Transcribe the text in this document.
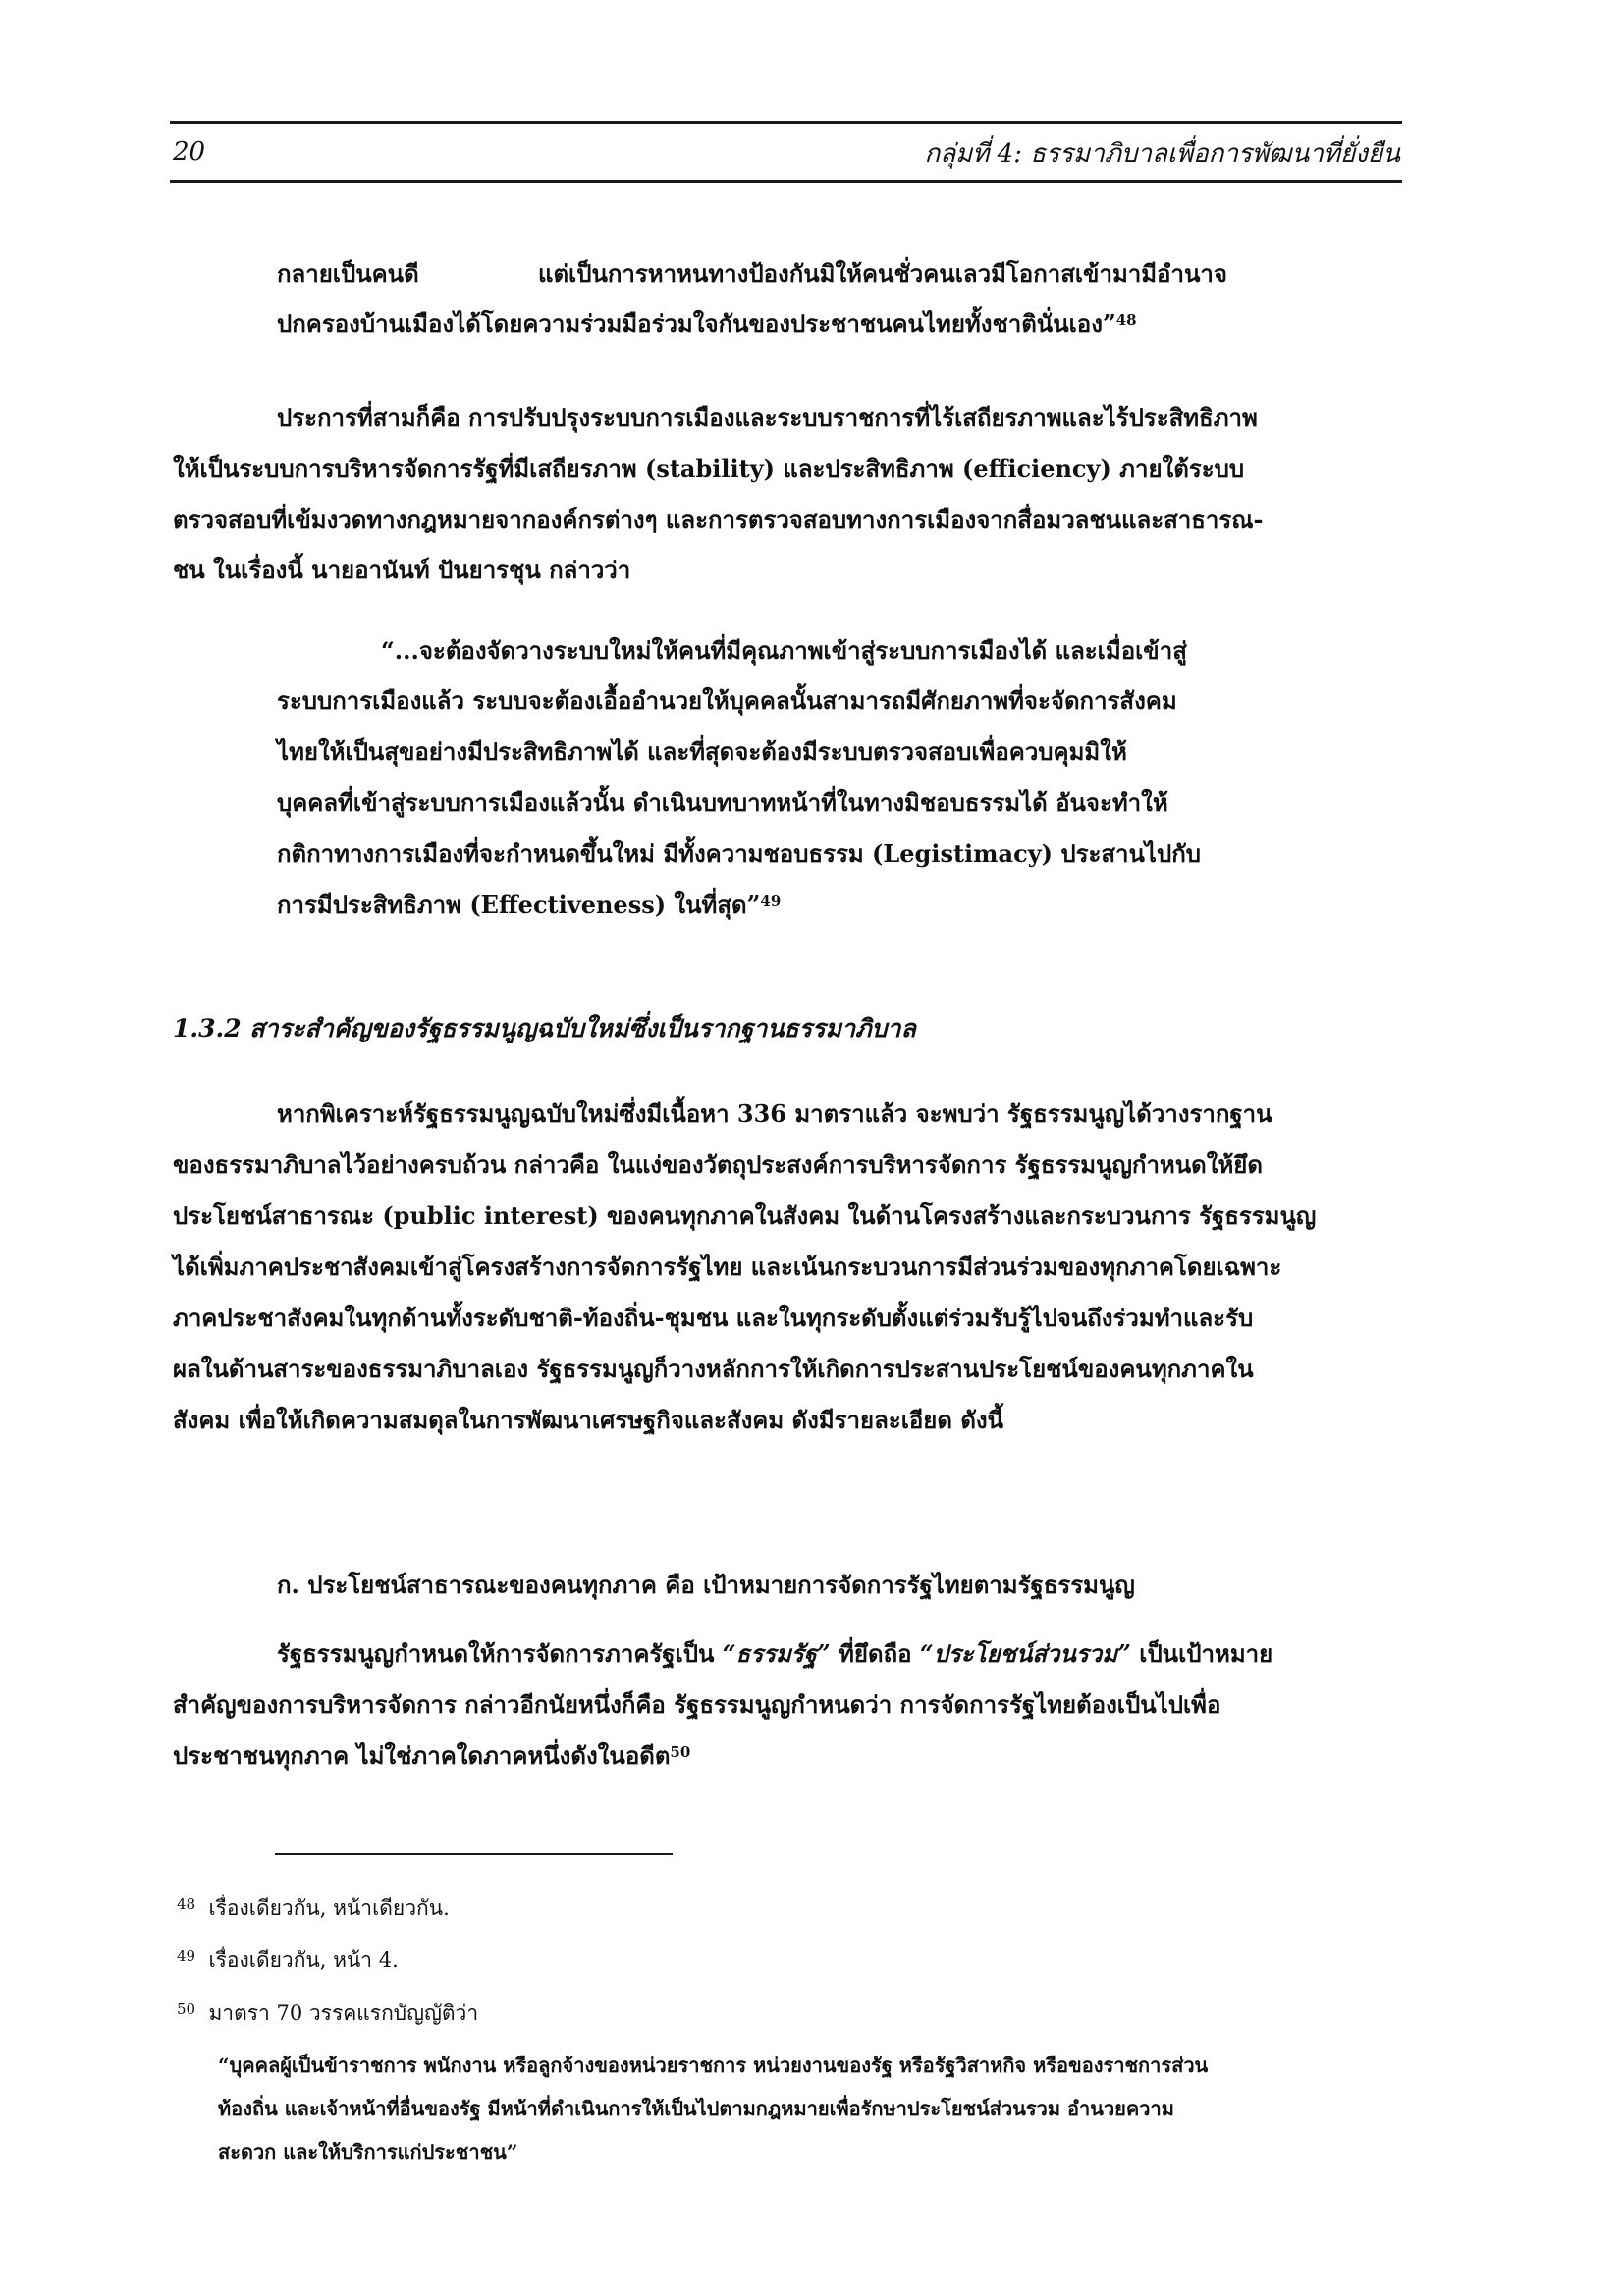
20	กลุ่มที่ 4: ธรรมาภิบาลเพื่อการพัฒนาที่ยั่งยืน
กลายเป็นคนดี	แต่เป็นการหาหนทางป้องกันมิให้คนชั่วคนเลวมีโอกาสเข้ามามีอำนาจ
ปกครองบ้านเมืองได้โดยความร่วมมือร่วมใจกันของประชาชนคนไทยทั้งชาตินั่นเอง”$^{48}$
ประการที่สามก็คือ การปรับปรุงระบบการเมืองและระบบราชการที่ไร้เสถียรภาพและไร้ประสิทธิภาพ
ให้เป็นระบบการบริหารจัดการรัฐที่มีเสถียรภาพ (stability) และประสิทธิภาพ (efficiency) ภายใต้ระบบ
ตรวจสอบที่เข้มงวดทางกฎหมายจากองค์กรต่างๆ และการตรวจสอบทางการเมืองจากสื่อมวลชนและสาธารณ-
ชน ในเรื่องนี้ นายอานันท์ ปันยารชุน กล่าวว่า
“...จะต้องจัดวางระบบใหม่ให้คนที่มีคุณภาพเข้าสู่ระบบการเมืองได้ และเมื่อเข้าสู่
ระบบการเมืองแล้ว ระบบจะต้องเอื้ออำนวยให้บุคคลนั้นสามารถมีศักยภาพที่จะจัดการสังคม
ไทยให้เป็นสุขอย่างมีประสิทธิภาพได้ และที่สุดจะต้องมีระบบตรวจสอบเพื่อควบคุมมิให้
บุคคลที่เข้าสู่ระบบการเมืองแล้วนั้น ดำเนินบทบาทหน้าที่ในทางมิชอบธรรมได้ อันจะทำให้
กติกาทางการเมืองที่จะกำหนดขึ้นใหม่ มีทั้งความชอบธรรม (Legistimacy) ประสานไปกับ
การมีประสิทธิภาพ (Effectiveness) ในที่สุด”$^{49}$
1.3.2 สาระสำคัญของรัฐธรรมนูญฉบับใหม่ซึ่งเป็นรากฐานธรรมาภิบาล
หากพิเคราะห์รัฐธรรมนูญฉบับใหม่ซึ่งมีเนื้อหา 336 มาตราแล้ว จะพบว่า รัฐธรรมนูญได้วางรากฐาน
ของธรรมาภิบาลไว้อย่างครบถ้วน กล่าวคือ ในแง่ของวัตถุประสงค์การบริหารจัดการ รัฐธรรมนูญกำหนดให้ยึด
ประโยชน์สาธารณะ (public interest) ของคนทุกภาคในสังคม ในด้านโครงสร้างและกระบวนการ รัฐธรรมนูญ
ได้เพิ่มภาคประชาสังคมเข้าสู่โครงสร้างการจัดการรัฐไทย และเน้นกระบวนการมีส่วนร่วมของทุกภาคโดยเฉพาะ
ภาคประชาสังคมในทุกด้านทั้งระดับชาติ-ท้องถิ่น-ชุมชน และในทุกระดับตั้งแต่ร่วมรับรู้ไปจนถึงร่วมทำและรับ
ผลในด้านสาระของธรรมาภิบาลเอง รัฐธรรมนูญก็วางหลักการให้เกิดการประสานประโยชน์ของคนทุกภาคใน
สังคม เพื่อให้เกิดความสมดุลในการพัฒนาเศรษฐกิจและสังคม ดังมีรายละเอียด ดังนี้
ก. ประโยชน์สาธารณะของคนทุกภาค คือ เป้าหมายการจัดการรัฐไทยตามรัฐธรรมนูญ
รัฐธรรมนูญกำหนดให้การจัดการภาครัฐเป็น “ธรรมรัฐ” ที่ยึดถือ “ประโยชน์ส่วนรวม” เป็นเป้าหมาย
สำคัญของการบริหารจัดการ กล่าวอีกนัยหนึ่งก็คือ รัฐธรรมนูญกำหนดว่า การจัดการรัฐไทยต้องเป็นไปเพื่อ
ประชาชนทุกภาค ไม่ใช่ภาคใดภาคหนึ่งดังในอดีต$^{50}$
$^{48}$ เรื่องเดียวกัน, หน้าเดียวกัน.
$^{49}$ เรื่องเดียวกัน, หน้า 4.
$^{50}$ มาตรา 70 วรรคแรกบัญญัติว่า
“บุคคลผู้เป็นข้าราชการ พนักงาน หรือลูกจ้างของหน่วยราชการ หน่วยงานของรัฐ หรือรัฐวิสาหกิจ หรือของราชการส่วน
ท้องถิ่น และเจ้าหน้าที่อื่นของรัฐ มีหน้าที่ดำเนินการให้เป็นไปตามกฎหมายเพื่อรักษาประโยชน์ส่วนรวม อำนวยความ
สะดวก และให้บริการแก่ประชาชน”
